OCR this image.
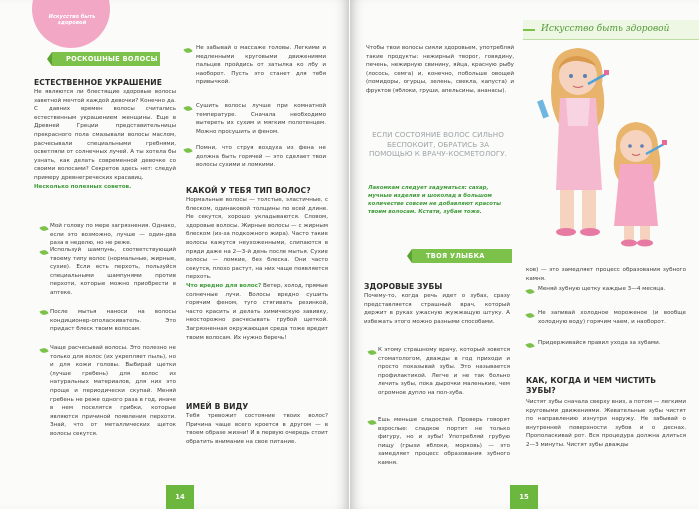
Искусство быть здоровой
РОСКОШНЫЕ ВОЛОСЫ
ЕСТЕСТВЕННОЕ УКРАШЕНИЕ

Не являются ли блестящие здоровые волосы заветной мечтой каждой девочки? Конечно да. С давних времен волосы считались естественным украшением женщины. Еще в Древней Греции представительницы прекрасного пола смазывали волосы маслом, расчесывали специальными гребнями, осветляли от солнечных лучей. А ты хотела бы узнать, как делать современной девочке со своими волосами? Секретов здесь нет: следуй примеру древнегреческих красавиц.

Несколько полезных советов.

Мой голову по мере загрязнения. Однако, если это возможно, лучше — один-два раза в неделю, но не реже.

Используй шампунь, соответствующий твоему типу волос (нормальные, жирные, сухие). Если есть перхоть, пользуйся специальными шампунями против перхоти, которые можно приобрести в аптеке.

После мытья наноси на волосы кондиционер-ополаскиватель. Это придаст блеск твоим волосам.

Чаще расчесывай волосы. Это полезно не только для волос (их укрепляет пыль), но и для кожи головы. Выбирай щетки (лучше гребень) для волос из натуральных материалов, для них это проще и периодически скупай. Меняй гребень не реже одного раза в год, иначе в нем поселятся грибки, которые являются причиной появления перхоти. Знай, что от металлических щеток волосы секутся.

Не забывай о массаже головы. Легкими и медленными круговыми движениями пальцев пройдись от затылка ко лбу и наоборот. Пусть это станет для тебя привычкой.

Сушить волосы лучше при комнатной температуре. Сначала необходимо вытереть их сухим и мягким полотенцем. Можно просушить и феном.

Помни, что струя воздуха из фена не должна быть горячей — это сделает твои волосы сухими и ломкими.

КАКОЙ У ТЕБЯ ТИП ВОЛОС?

Нормальные волосы — толстые, эластичные, с блеском, одинаковой толщины по всей длине. Не секутся, хорошо укладываются. Словом, здоровые волосы. Жирные волосы — с жирным блеском (из-за подкожного жира). Часто такие волосы кажутся неухоженными, слипаются в пряди даже на 2—3-й день после мытья. Сухие волосы — ломкие, без блеска. Они часто секутся, плохо растут, на них чаще появляется перхоть.

Что вредно для волос? Ветер, холод, прямые солнечные лучи. Волосы вредно сушить горячим феном, туго стягивать резинкой, часто красить и делать химическую завивку, неосторожно расчесывать грубой щеткой. Загрязненная окружающая среда тоже вредит твоим волосам. Их нужно беречь!

ИМЕЙ В ВИДУ

Тебя тревожит состояние твоих волос? Причина чаще всего кроется в другом — в твоем образе жизни! И в первую очередь стоит обратить внимание на свое питание.

14
Искусство быть здоровой

Чтобы твои волосы сияли здоровьем, употребляй такие продукты: нежирный творог, говядину, печень, нежирную свинину, яйца, красную рыбу (лосось, семга) и, конечно, побольше овощей (помидоры, огурцы, зелень, свекла, капуста) и фруктов (яблоки, груши, апельсины, ананасы).

ЕСЛИ СОСТОЯНИЕ ВОЛОС СИЛЬНО БЕСПОКОИТ, ОБРАТИСЬ ЗА ПОМОЩЬЮ К ВРАЧУ-КОСМЕТОЛОГУ.
Лакомкам следует задуматься: сахар, мучные изделия и шоколад в большом количестве совсем не добавляют красоты твоим волосам. Кстати, зубам тоже.
ТВОЯ УЛЫБКА
ЗДОРОВЫЕ ЗУБЫ

Почему-то, когда речь идет о зубах, сразу представляется страшный врач, который держит в руках ужасную жужжащую штуку. А избежать этого можно разными способами.

К этому страшному врачу, который зовется стоматологом, дважды в год приходи и просто показывай зубы. Это называется профилактикой. Легче и не так больно лечить зубы, пока дырочки маленькие, чем огромное дупло на пол-зуба.

Ешь меньше сладостей. Проверь говорят взрослые: сладкое портит не только фигуру, но и зубы! Употребляй грубую пищу (грызи яблоки, морковь) — это замедляет процесс образования зубного камня.

ков) — это замедляет процесс образования зубного камня.

Меняй зубную щетку каждые 3—4 месяца.

Не запивай холодное мороженое (и вообще холодную воду) горячим чаем, и наоборот.

Придерживайся правил ухода за зубами.

КАК, КОГДА И ЧЕМ ЧИСТИТЬ ЗУБЫ?

Чистят зубы сначала сверху вниз, а потом — легкими круговыми движениями. Жевательные зубы чистят по направлению изнутри наружу. Не забывай о внутренней поверхности зубов и о деснах. Прополаскивай рот. Вся процедура должна длиться 2—3 минуты. Чистят зубы дважды

15
